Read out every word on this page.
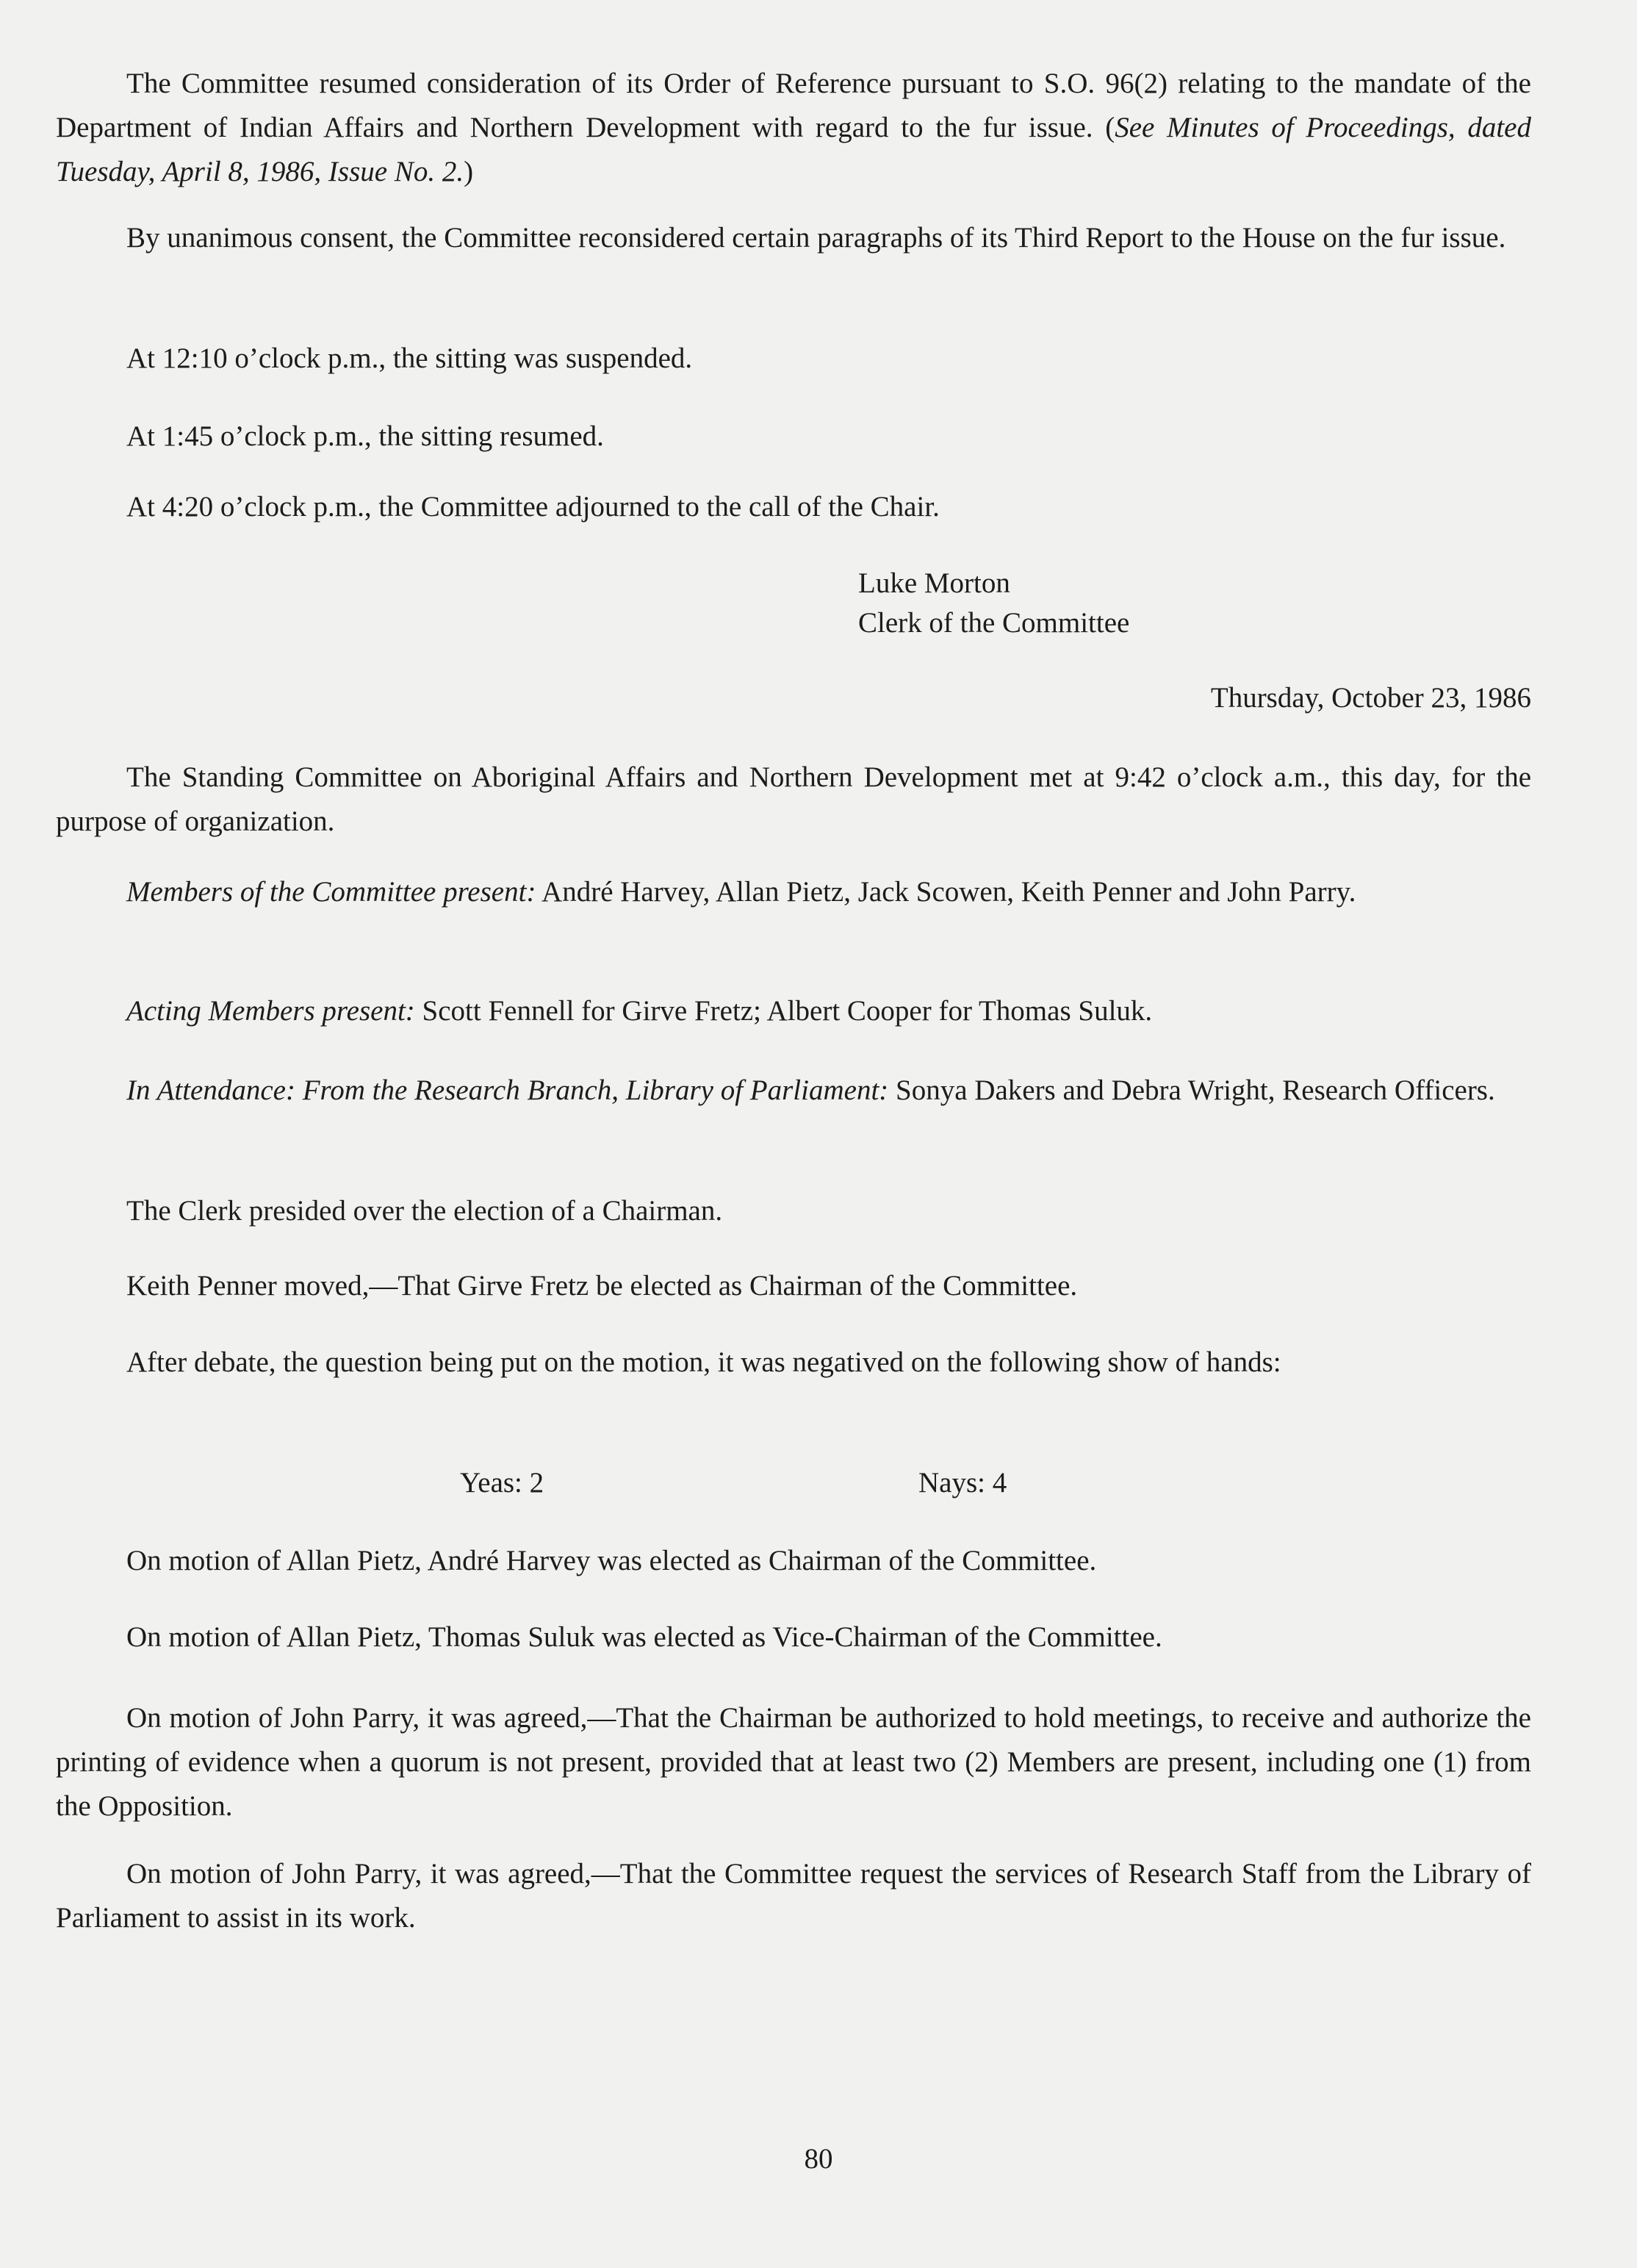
The Committee resumed consideration of its Order of Reference pursuant to S.O. 96(2) relating to the mandate of the Department of Indian Affairs and Northern Development with regard to the fur issue. (See Minutes of Proceedings, dated Tuesday, April 8, 1986, Issue No. 2.)

By unanimous consent, the Committee reconsidered certain paragraphs of its Third Report to the House on the fur issue.

At 12:10 o’clock p.m., the sitting was suspended.

At 1:45 o’clock p.m., the sitting resumed.

At 4:20 o’clock p.m., the Committee adjourned to the call of the Chair.

Luke Morton
Clerk of the Committee
Thursday, October 23, 1986

The Standing Committee on Aboriginal Affairs and Northern Development met at 9:42 o’clock a.m., this day, for the purpose of organization.

Members of the Committee present: André Harvey, Allan Pietz, Jack Scowen, Keith Penner and John Parry.

Acting Members present: Scott Fennell for Girve Fretz; Albert Cooper for Thomas Suluk.

In Attendance: From the Research Branch, Library of Parliament: Sonya Dakers and Debra Wright, Research Officers.

The Clerk presided over the election of a Chairman.

Keith Penner moved,—That Girve Fretz be elected as Chairman of the Committee.

After debate, the question being put on the motion, it was negatived on the following show of hands:

Yeas: 2	Nays: 4

On motion of Allan Pietz, André Harvey was elected as Chairman of the Committee.

On motion of Allan Pietz, Thomas Suluk was elected as Vice-Chairman of the Committee.

On motion of John Parry, it was agreed,—That the Chairman be authorized to hold meetings, to receive and authorize the printing of evidence when a quorum is not present, provided that at least two (2) Members are present, including one (1) from the Opposition.

On motion of John Parry, it was agreed,—That the Committee request the services of Research Staff from the Library of Parliament to assist in its work.

80
